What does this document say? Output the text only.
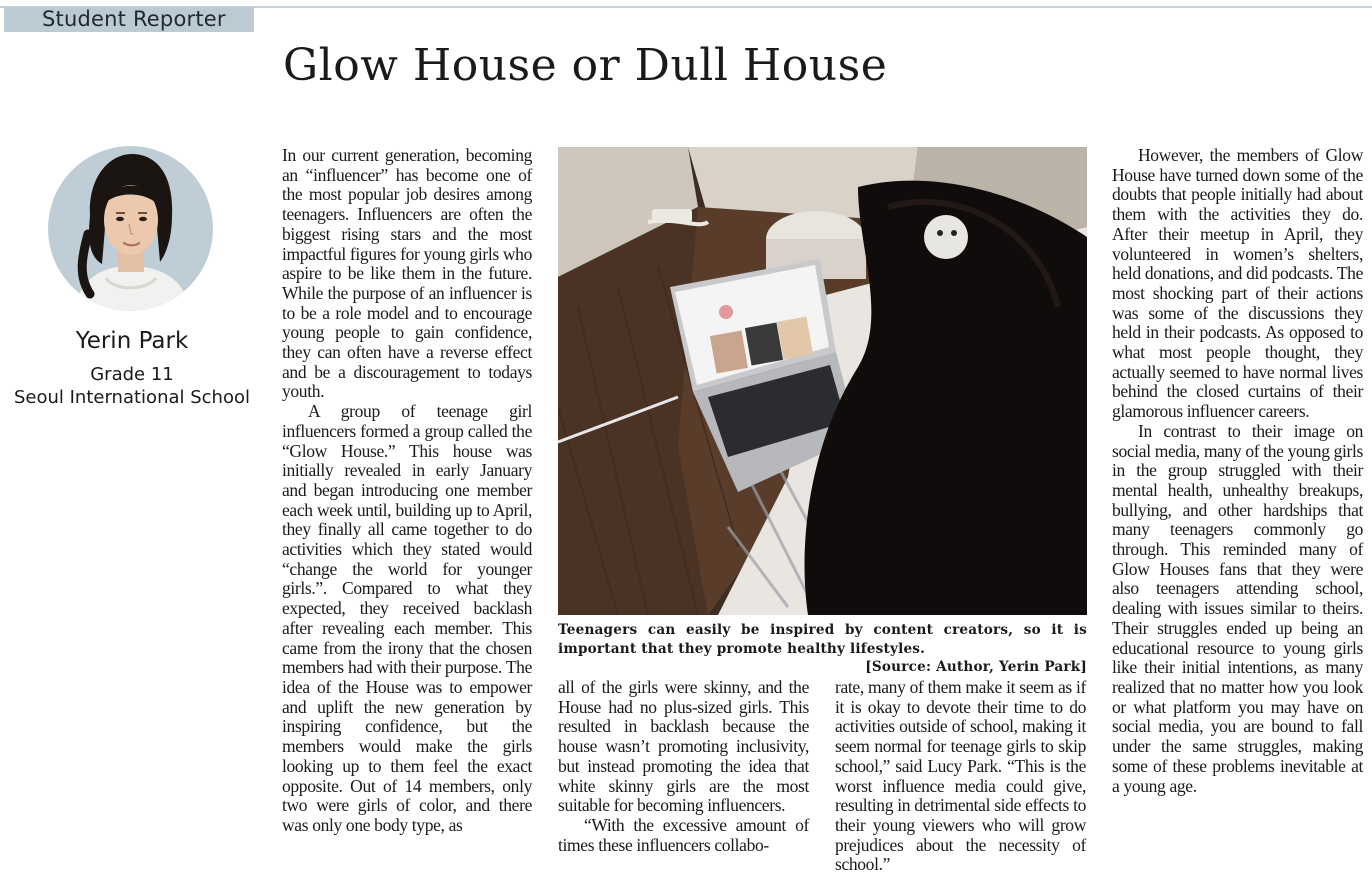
Student Reporter
Glow House or Dull House
Yerin Park
Grade 11
Seoul International School

In our current generation, becoming an “influencer” has become one of the most popular job desires among teenagers. Influencers are often the biggest rising stars and the most impactful figures for young girls who aspire to be like them in the future. While the purpose of an influencer is to be a role model and to encourage young people to gain confidence, they can often have a reverse effect and be a discouragement to todays youth.

A group of teenage girl influencers formed a group called the “Glow House.” This house was initially revealed in early January and began introducing one member each week until, building up to April, they finally all came together to do activities which they stated would “change the world for younger girls.”. Compared to what they expected, they received backlash after revealing each member. This came from the irony that the chosen members had with their purpose. The idea of the House was to empower and uplift the new generation by inspiring confidence, but the members would make the girls looking up to them feel the exact opposite. Out of 14 members, only two were girls of color, and there was only one body type, as

Teenagers can easily be inspired by content creators, so it is important that they promote healthy lifestyles.
[Source: Author, Yerin Park]

all of the girls were skinny, and the House had no plus-sized girls. This resulted in backlash because the house wasn’t promoting inclusivity, but instead promoting the idea that white skinny girls are the most suitable for becoming influencers.

“With the excessive amount of times these influencers collabo-

rate, many of them make it seem as if it is okay to devote their time to do activities outside of school, making it seem normal for teenage girls to skip school,” said Lucy Park. “This is the worst influence media could give, resulting in detrimental side effects to their young viewers who will grow prejudices about the necessity of school.”

However, the members of Glow House have turned down some of the doubts that people initially had about them with the activities they do. After their meetup in April, they volunteered in women’s shelters, held donations, and did podcasts. The most shocking part of their actions was some of the discussions they held in their podcasts. As opposed to what most people thought, they actually seemed to have normal lives behind the closed curtains of their glamorous influencer careers.

In contrast to their image on social media, many of the young girls in the group struggled with their mental health, unhealthy breakups, bullying, and other hardships that many teenagers commonly go through. This reminded many of Glow Houses fans that they were also teenagers attending school, dealing with issues similar to theirs. Their struggles ended up being an educational resource to young girls like their initial intentions, as many realized that no matter how you look or what platform you may have on social media, you are bound to fall under the same struggles, making some of these problems inevitable at a young age.
